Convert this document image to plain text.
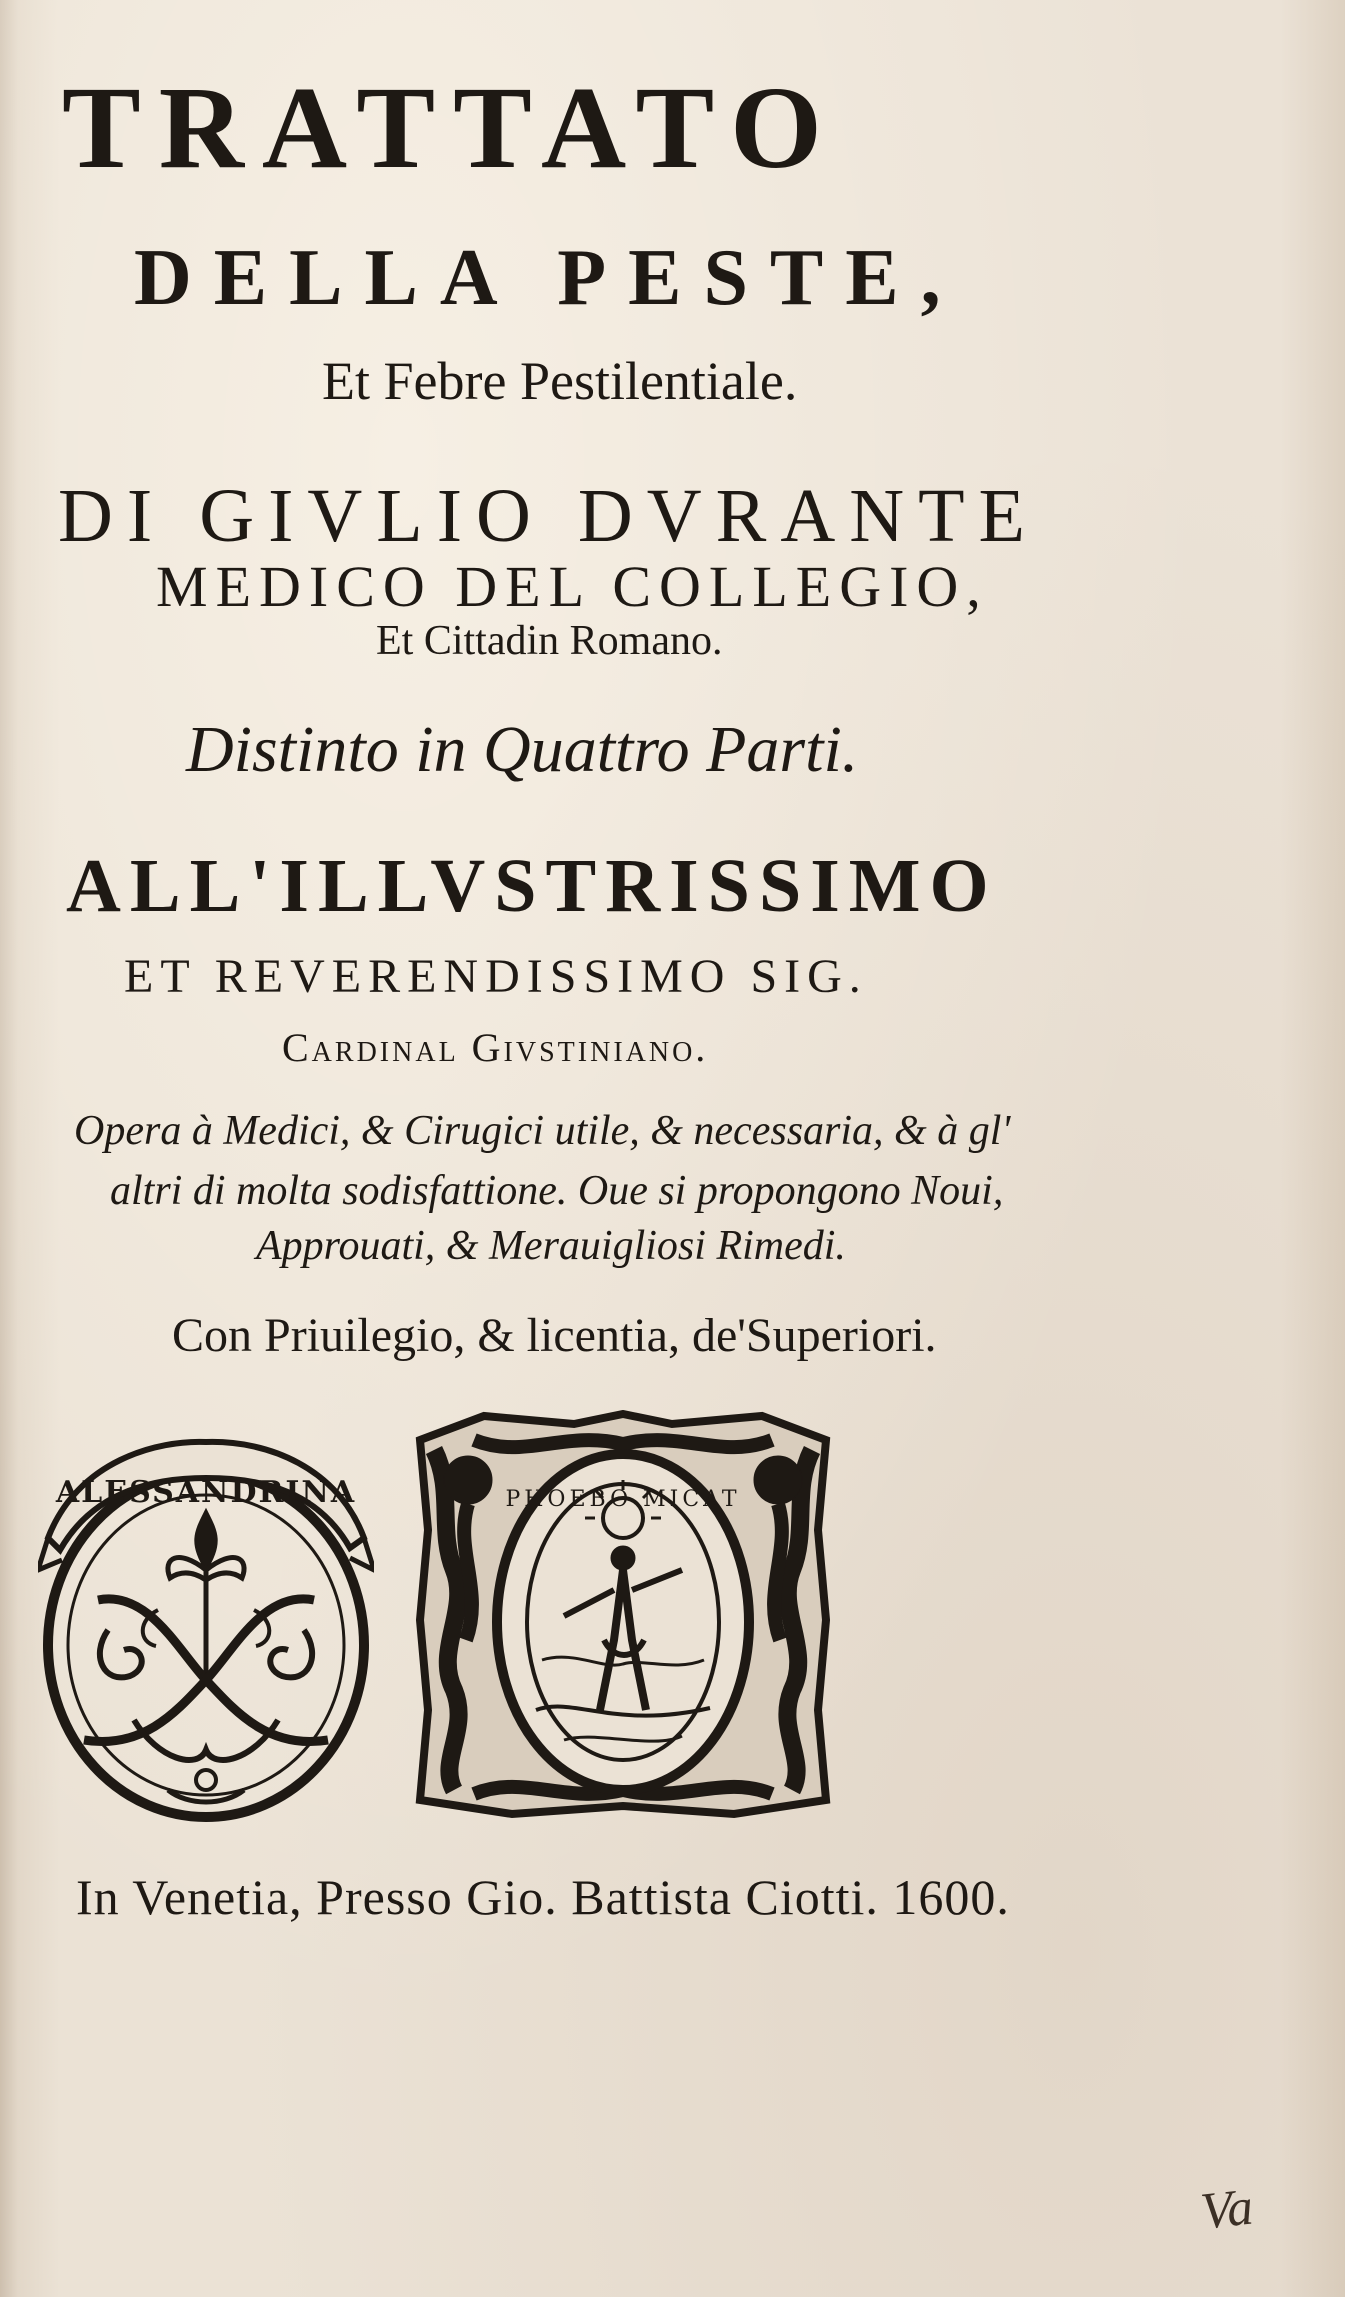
TRATTATO
DELLA PESTE,
Et Febre Pestilentiale.
DI GIVLIO DVRANTE
MEDICO DEL COLLEGIO,
Et Cittadin Romano.
Distinto in Quattro Parti.
ALL'ILLVSTRISSIMO
ET REVERENDISSIMO SIG.
Cardinal Givstiniano.
Opera à Medici, & Cirugici utile, & necessaria, & à gl'
altri di molta sodisfattione. Oue si propongono Noui,
Approuati, & Merauigliosi Rimedi.
Con Priuilegio, & licentia, de'Superiori.
ALESSANDRINA	PHOEBO MICAT
In Venetia, Presso Gio. Battista Ciotti. 1600.
Va
